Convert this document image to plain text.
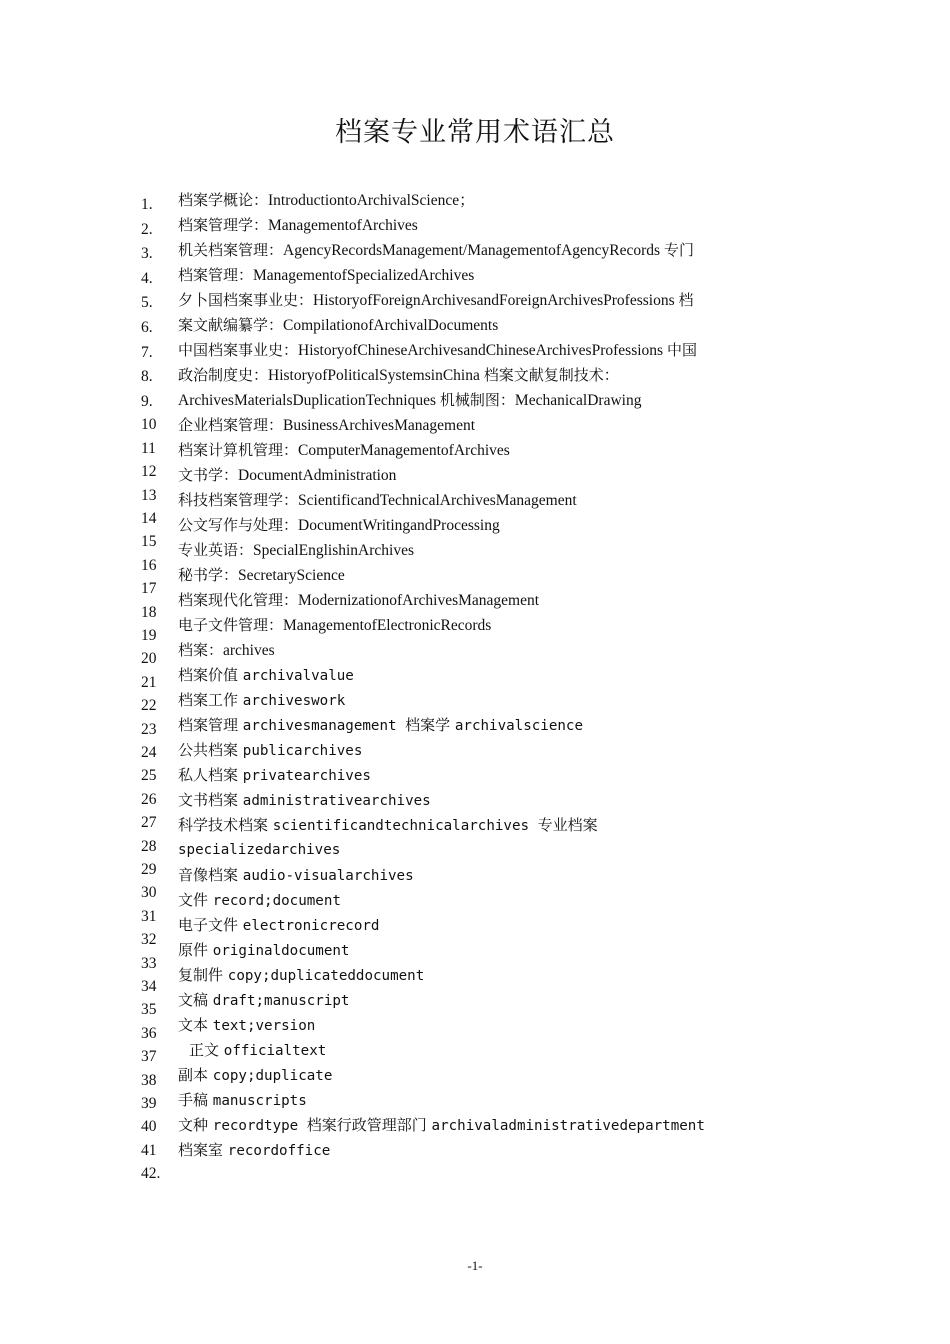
档案专业常用术语汇总
1.
2.
3.
4.
5.
6.
7.
8.
9.
10
11
12
13
14
15
16
17
18
19
20
21
22
23
24
25
26
27
28
29
30
31
32
33
34
35
36
37
38
39
40
41
42.
档案学概论：IntroductiontoArchivalScience；
档案管理学：ManagementofArchives
机关档案管理：AgencyRecordsManagement/ManagementofAgencyRecords 专门
档案管理：ManagementofSpecializedArchives
夕卜国档案事业史：HistoryofForeignArchivesandForeignArchivesProfessions 档
案文献编纂学：CompilationofArchivalDocuments
中国档案事业史：HistoryofChineseArchivesandChineseArchivesProfessions 中国
政治制度史：HistoryofPoliticalSystemsinChina 档案文献复制技术：
ArchivesMaterialsDuplicationTechniques 机械制图：MechanicalDrawing
企业档案管理：BusinessArchivesManagement
档案计算机管理：ComputerManagementofArchives
文书学：DocumentAdministration
科技档案管理学：ScientificandTechnicalArchivesManagement
公文写作与处理：DocumentWritingandProcessing
专业英语：SpecialEnglishinArchives
秘书学：SecretaryScience
档案现代化管理：ModernizationofArchivesManagement
电子文件管理：ManagementofElectronicRecords
档案：archives
档案价值 archivalvalue
档案工作 archiveswork
档案管理 archivesmanagement 档案学 archivalscience
公共档案 publicarchives
私人档案 privatearchives
文书档案 administrativearchives
科学技术档案 scientificandtechnicalarchives 专业档案
specializedarchives
音像档案 audio-visualarchives
文件 record;document
电子文件 electronicrecord
原件 originaldocument
复制件 copy;duplicateddocument
文稿 draft;manuscript
文本 text;version
正文 officialtext
副本 copy;duplicate
手稿 manuscripts
文种 recordtype 档案行政管理部门 archivaladministrativedepartment
档案室 recordoffice
-1-
